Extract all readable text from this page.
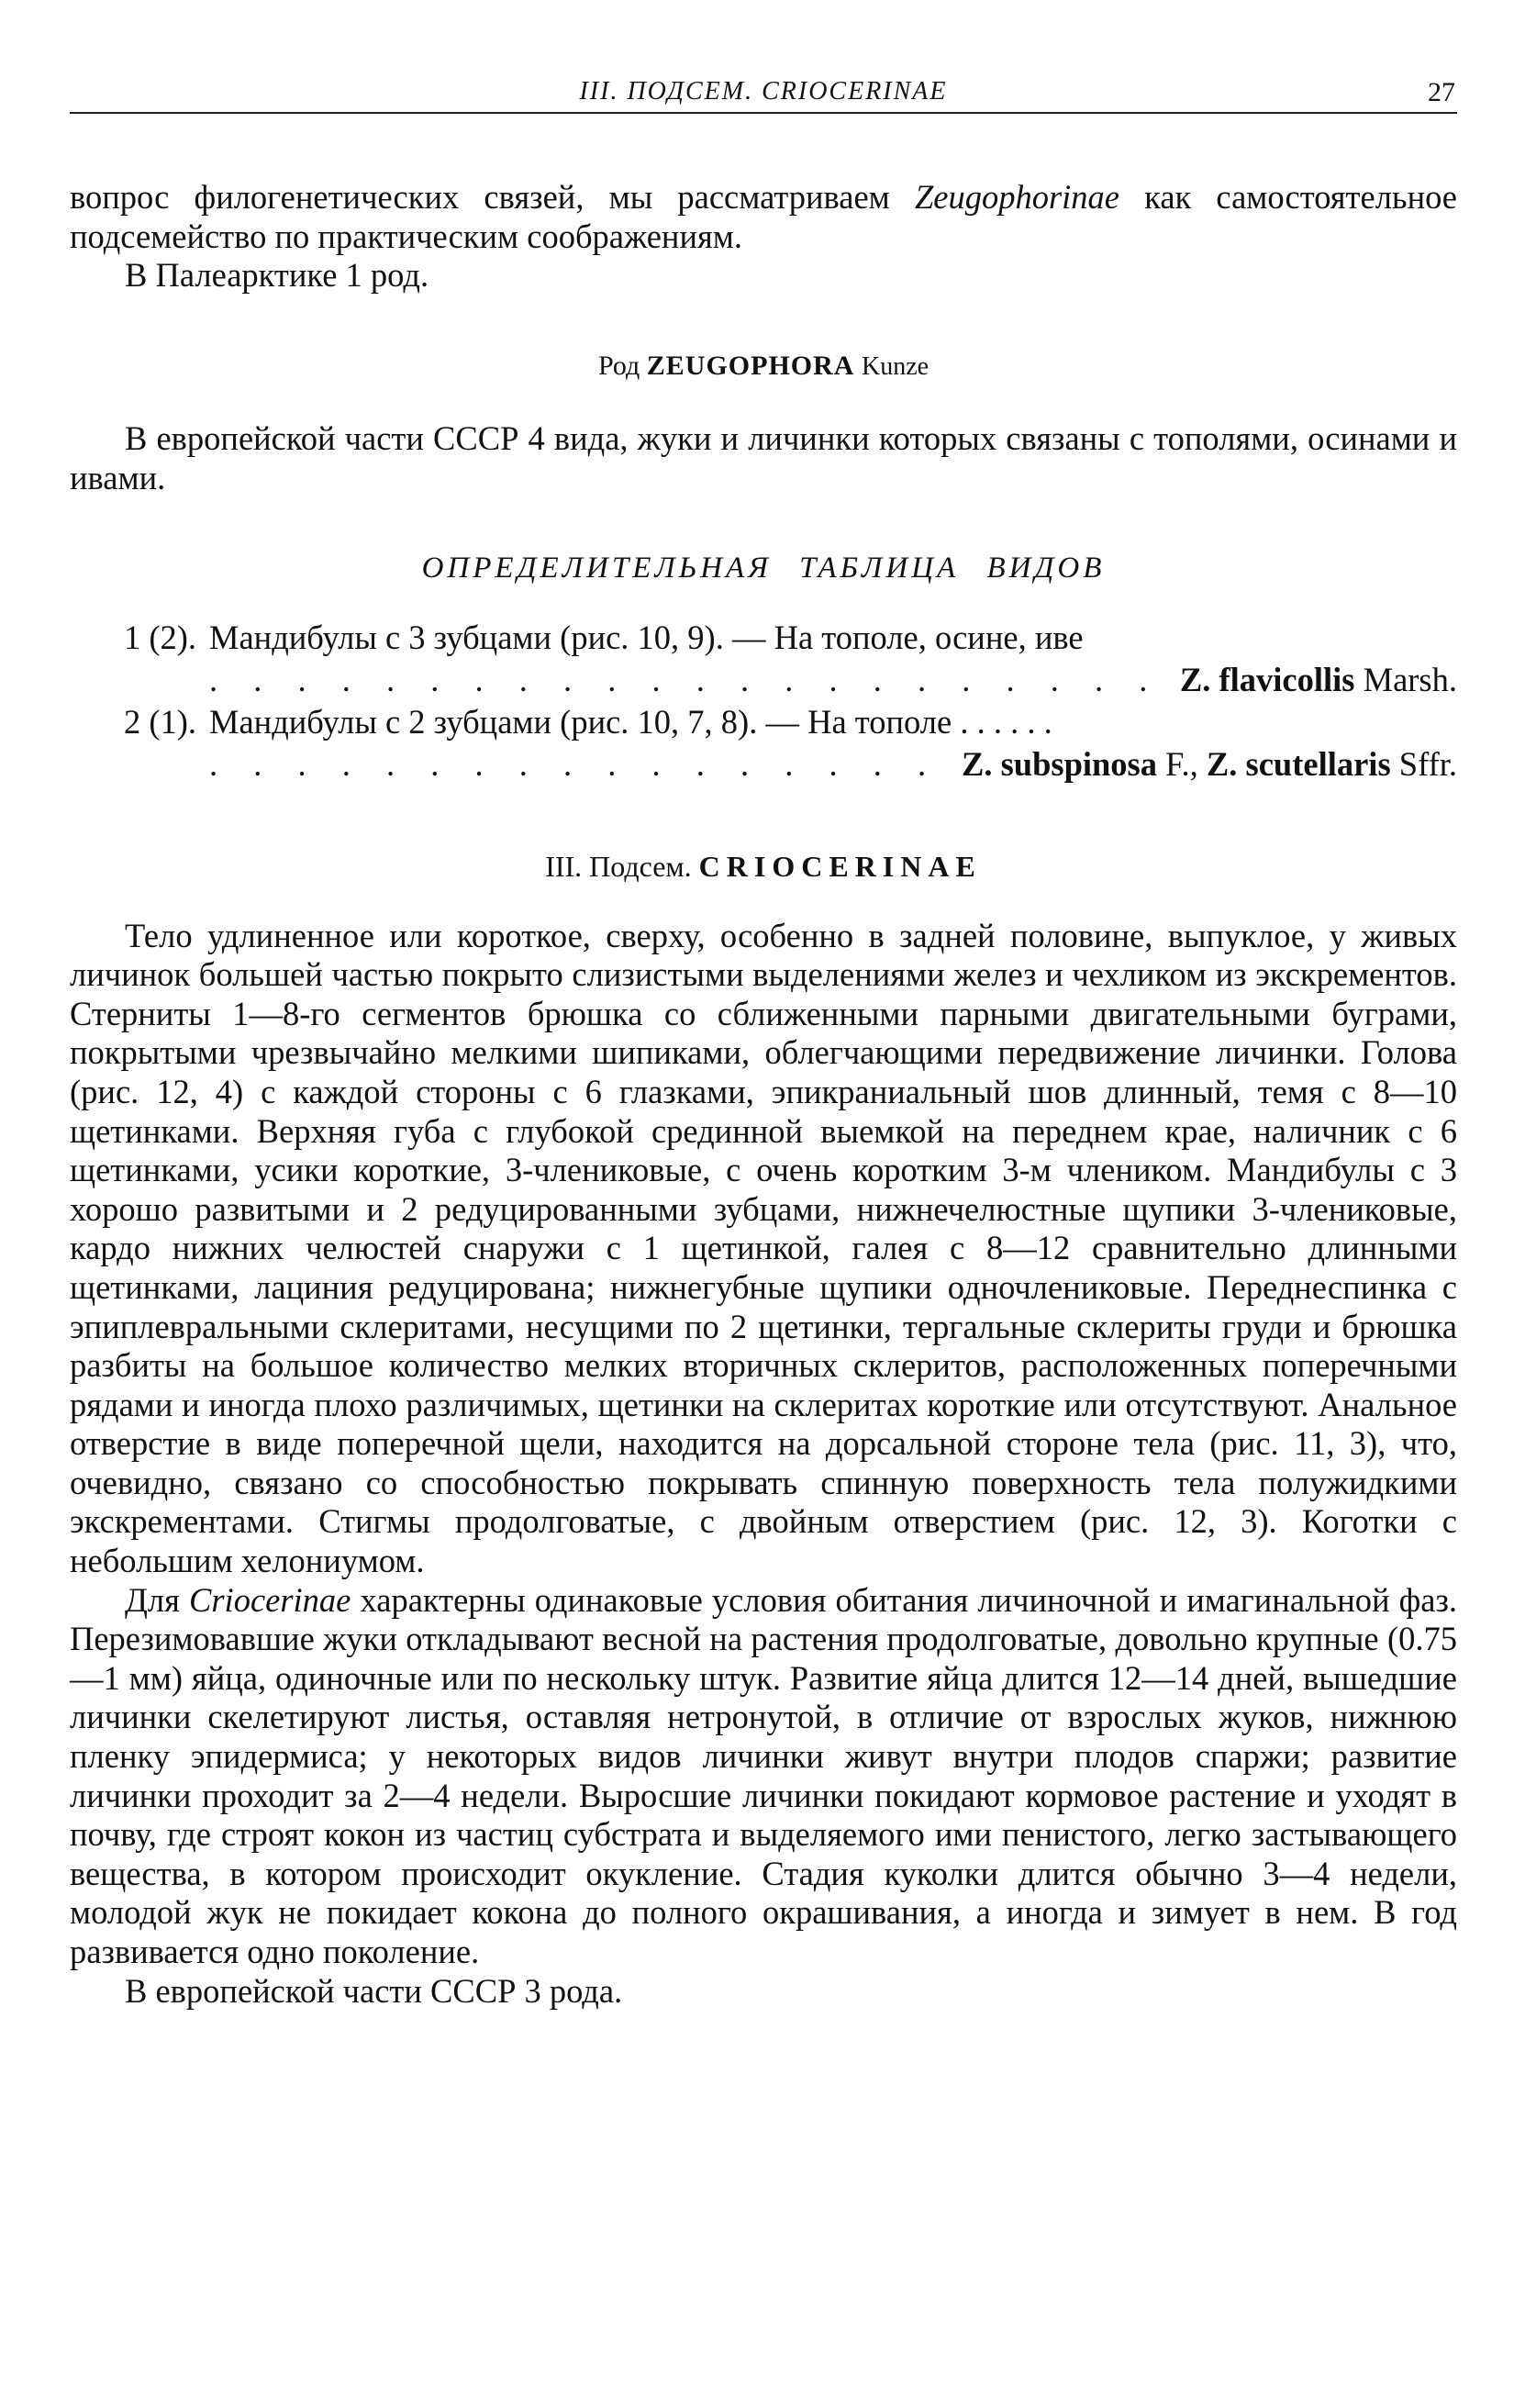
III. ПОДСЕМ. CRIOCERINAE	27

вопрос филогенетических связей, мы рассматриваем Zeugophorinae как самостоятельное подсемейство по практическим соображениям.

В Палеарктике 1 род.

Род ZEUGOPHORA Kunze

В европейской части СССР 4 вида, жуки и личинки которых связаны с тополями, осинами и ивами.

ОПРЕДЕЛИТЕЛЬНАЯ ТАБЛИЦА ВИДОВ
1 (2). Мандибулы с 3 зубцами (рис. 10, 9). — На тополе, осине, иве
. . .
Z. flavicollis Marsh.
2 (1). Мандибулы с 2 зубцами (рис. 10, 7, 8). — На тополе . . . . . .
. . .
Z. subspinosa F., Z. scutellaris Sffr.
III. Подсем. CRIOCERINAE

Тело удлиненное или короткое, сверху, особенно в задней половине, выпуклое, у живых личинок большей частью покрыто слизистыми выделениями желез и чехликом из экскрементов. Стерниты 1—8-го сегментов брюшка со сближенными парными двигательными буграми, покрытыми чрезвычайно мелкими шипиками, облегчающими передвижение личинки. Голова (рис. 12, 4) с каждой стороны с 6 глазками, эпикраниальный шов длинный, темя с 8—10 щетинками. Верхняя губа с глубокой срединной выемкой на переднем крае, наличник с 6 щетинками, усики короткие, 3-члениковые, с очень коротким 3-м члеником. Мандибулы с 3 хорошо развитыми и 2 редуцированными зубцами, нижнечелюстные щупики 3-члениковые, кардо нижних челюстей снаружи с 1 щетинкой, галея с 8—12 сравнительно длинными щетинками, лациния редуцирована; нижнегубные щупики одночлениковые. Переднеспинка с эпиплевральными склеритами, несущими по 2 щетинки, тергальные склериты груди и брюшка разбиты на большое количество мелких вторичных склеритов, расположенных поперечными рядами и иногда плохо различимых, щетинки на склеритах короткие или отсутствуют. Анальное отверстие в виде поперечной щели, находится на дорсальной стороне тела (рис. 11, 3), что, очевидно, связано со способностью покрывать спинную поверхность тела полужидкими экскрементами. Стигмы продолговатые, с двойным отверстием (рис. 12, 3). Коготки с небольшим хелониумом.

Для Criocerinae характерны одинаковые условия обитания личиночной и имагинальной фаз. Перезимовавшие жуки откладывают весной на растения продолговатые, довольно крупные (0.75—1 мм) яйца, одиночные или по нескольку штук. Развитие яйца длится 12—14 дней, вышедшие личинки скелетируют листья, оставляя нетронутой, в отличие от взрослых жуков, нижнюю пленку эпидермиса; у некоторых видов личинки живут внутри плодов спаржи; развитие личинки проходит за 2—4 недели. Выросшие личинки покидают кормовое растение и уходят в почву, где строят кокон из частиц субстрата и выделяемого ими пенистого, легко застывающего вещества, в котором происходит окукление. Стадия куколки длится обычно 3—4 недели, молодой жук не покидает кокона до полного окрашивания, а иногда и зимует в нем. В год развивается одно поколение.

В европейской части СССР 3 рода.
